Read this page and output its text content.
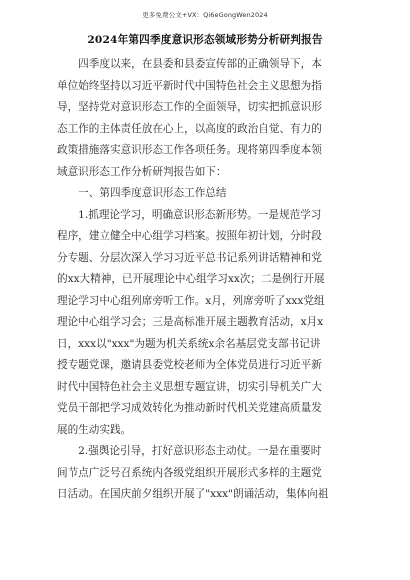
更多免费公文+VX：Qi6eGongWen2024
2024年第四季度意识形态领域形势分析研判报告
　　四季度以来，在县委和县委宣传部的正确领导下，本
单位始终坚持以习近平新时代中国特色社会主义思想为指
导，坚持党对意识形态工作的全面领导，切实把抓意识形
态工作的主体责任放在心上，以高度的政治自觉、有力的
政策措施落实意识形态工作各项任务。现将第四季度本领
域意识形态工作分析研判报告如下：
　　一、第四季度意识形态工作总结
　　1.抓理论学习，明确意识形态新形势。一是规范学习
程序，建立健全中心组学习档案。按照年初计划，分时段
分专题、分层次深入学习习近平总书记系列讲话精神和党
的xx大精神，已开展理论中心组学习xx次；二是例行开展
理论学习中心组列席旁听工作。x月，列席旁听了xxx党组
理论中心组学习会；三是高标准开展主题教育活动，x月x
日，xxx以"xxx"为题为机关系统x余名基层党支部书记讲
授专题党课，邀请县委党校老师为全体党员进行习近平新
时代中国特色社会主义思想专题宣讲，切实引导机关广大
党员干部把学习成效转化为推动新时代机关党建高质量发
展的生动实践。
　　2.强舆论引导，打好意识形态主动仗。一是在重要时
间节点广泛号召系统内各级党组织开展形式多样的主题党
日活动。在国庆前夕组织开展了"xxx"朗诵活动，集体向祖
